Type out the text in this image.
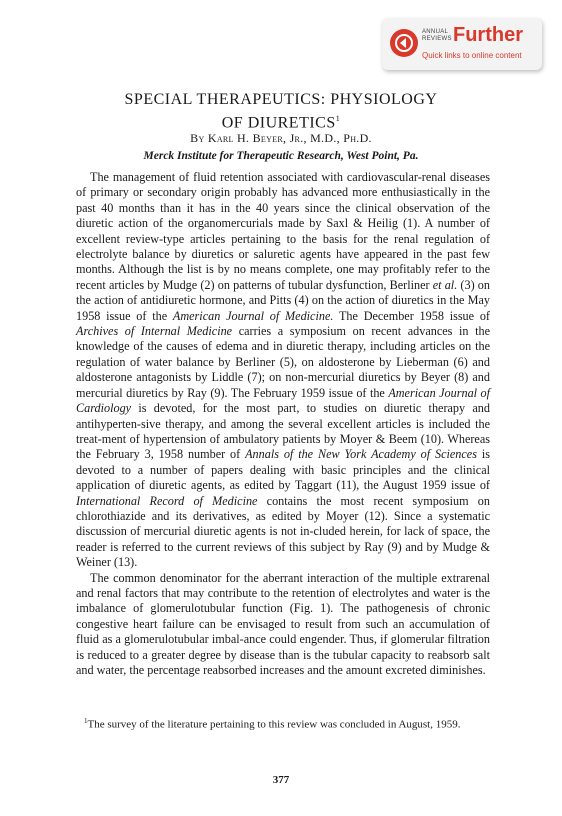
ANNUAL
REVIEWS Further
Quick links to online content
SPECIAL THERAPEUTICS: PHYSIOLOGY
OF DIURETICS$^1$
By Karl H. Beyer, Jr., M.D., Ph.D.
Merck Institute for Therapeutic Research, West Point, Pa.

The management of fluid retention associated with cardiovascular-renal diseases of primary or secondary origin probably has advanced more enthusiastically in the past 40 months than it has in the 40 years since the clinical observation of the diuretic action of the organomercurials made by Saxl & Heilig (1). A number of excellent review-type articles pertaining to the basis for the renal regulation of electrolyte balance by diuretics or saluretic agents have appeared in the past few months. Although the list is by no means complete, one may profitably refer to the recent articles by Mudge (2) on patterns of tubular dysfunction, Berliner et al. (3) on the action of antidiuretic hormone, and Pitts (4) on the action of diuretics in the May 1958 issue of the American Journal of Medicine. The December 1958 issue of Archives of Internal Medicine carries a symposium on recent advances in the knowledge of the causes of edema and in diuretic therapy, including articles on the regulation of water balance by Berliner (5), on aldosterone by Lieberman (6) and aldosterone antagonists by Liddle (7); on non-mercurial diuretics by Beyer (8) and mercurial diuretics by Ray (9). The February 1959 issue of the American Journal of Cardiology is devoted, for the most part, to studies on diuretic therapy and antihyperten-sive therapy, and among the several excellent articles is included the treat-ment of hypertension of ambulatory patients by Moyer & Beem (10). Whereas the February 3, 1958 number of Annals of the New York Academy of Sciences is devoted to a number of papers dealing with basic principles and the clinical application of diuretic agents, as edited by Taggart (11), the August 1959 issue of International Record of Medicine contains the most recent symposium on chlorothiazide and its derivatives, as edited by Moyer (12). Since a systematic discussion of mercurial diuretic agents is not in-cluded herein, for lack of space, the reader is referred to the current reviews of this subject by Ray (9) and by Mudge & Weiner (13).

The common denominator for the aberrant interaction of the multiple extrarenal and renal factors that may contribute to the retention of electrolytes and water is the imbalance of glomerulotubular function (Fig. 1). The pathogenesis of chronic congestive heart failure can be envisaged to result from such an accumulation of fluid as a glomerulotubular imbal-ance could engender. Thus, if glomerular filtration is reduced to a greater degree by disease than is the tubular capacity to reabsorb salt and water, the percentage reabsorbed increases and the amount excreted diminishes.

$^1$The survey of the literature pertaining to this review was concluded in August, 1959.

377
